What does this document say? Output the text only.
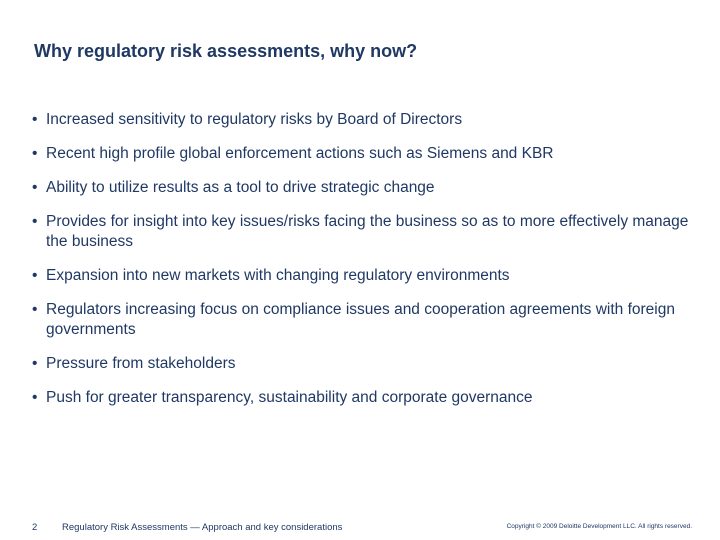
Why regulatory risk assessments, why now?
• Increased sensitivity to regulatory risks by Board of Directors
• Recent high profile global enforcement actions such as Siemens and KBR
• Ability to utilize results as a tool to drive strategic change
• Provides for insight into key issues/risks facing the business so as to more effectively manage the business
• Expansion into new markets with changing regulatory environments
• Regulators increasing focus on compliance issues and cooperation agreements with foreign governments
• Pressure from stakeholders
• Push for greater transparency, sustainability and corporate governance
2	Regulatory Risk Assessments — Approach and key considerations	Copyright © 2009 Deloitte Development LLC. All rights reserved.
